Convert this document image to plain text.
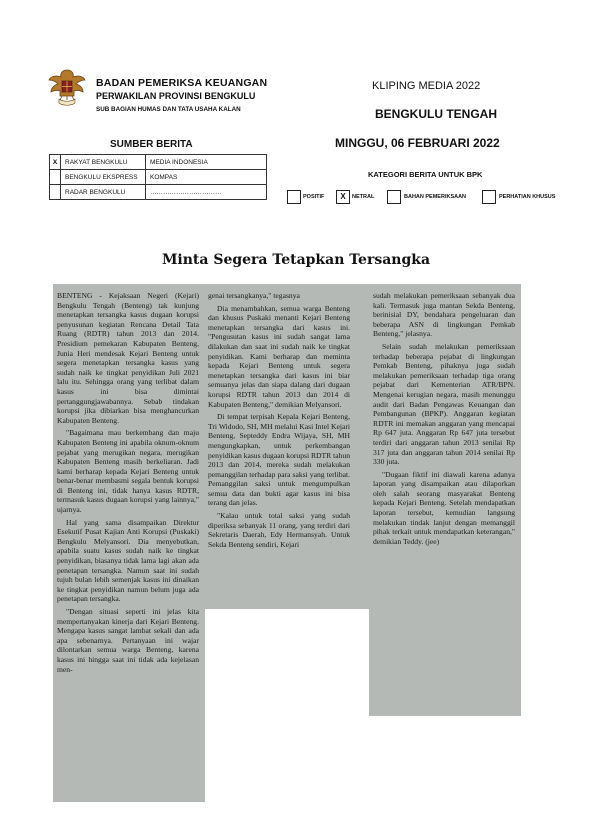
BADAN PEMERIKSA KEUANGAN
PERWAKILAN PROVINSI BENGKULU
SUB BAGIAN HUMAS DAN TATA USAHA KALAN
KLIPING MEDIA 2022
BENGKULU TENGAH
SUMBER BERITA	MINGGU, 06 FEBRUARI 2022
X	RAKYAT BENGKULU	MEDIA INDONESIA
	BENGKULU EKSPRESS	KOMPAS
	RADAR BENGKULU	……………………………
KATEGORI BERITA UNTUK BPK
POSITIF	X	NETRAL	BAHAN PEMERIKSAAN	PERHATIAN KHUSUS
Minta Segera Tetapkan Tersangka

BENTENG - Kejaksaan Negeri (Kejari) Bengkulu Tengah (Benteng) tak kunjung menetapkan tersangka kasus dugaan korupsi penyusunan kegiatan Rencana Detail Tata Ruang (RDTR) tahun 2013 dan 2014. Presidium pemekaran Kabupaten Benteng, Junia Heri mendesak Kejari Benteng untuk segera menetapkan tersangka kasus yang sudah naik ke tingkat penyidikan Juli 2021 lalu itu. Sehingga orang yang terlibat dalam kasus ini bisa dimintai pertanggungjawabannya. Sebab tindakan korupsi jika dibiarkan bisa menghancurkan Kabupaten Benteng.

"Bagaimana mau berkembang dan maju Kabupaten Benteng ini apabila oknum-oknum pejabat yang merugikan negara, merugikan Kabupaten Benteng masih berkeliaran. Jadi kami berharap kepada Kejari Benteng untuk benar-benar membasmi segala bentuk korupsi di Benteng ini, tidak hanya kasus RDTR, termasuk kasus dugaan korupsi yang lainnya," ujarnya.

Hal yang sama disampaikan Direktur Esekutif Pusat Kajian Anti Korupsi (Puskaki) Bengkulu Melyansori. Dia menyebutkan, apabila suatu kasus sudah naik ke tingkat penyidikan, biasanya tidak lama lagi akan ada penetapan tersangka. Namun saat ini sudah tujuh bulan lebih semenjak kasus ini dinaikan ke tingkat penyidikan namun belum juga ada penetapan tersangka.

"Dengan situasi seperti ini jelas kita mempertanyakan kinerja dari Kejari Benteng. Mengapa kasus sangat lambat sekali dan ada apa sebenarnya. Pertanyaan ini wajar dilontarkan semua warga Benteng, karena kasus ini hingga saat ini tidak ada kejelasan men-

genai tersangkanya," tegasnya

Dia menambahkan, semua warga Benteng dan khusus Puskaki menanti Kejari Benteng menetapkan tersangka dari kasus ini. "Pengusutan kasus ini sudah sangat lama dilakukan dan saat ini sudah naik ke tingkat penyidikan. Kami berharap dan meminta kepada Kejari Benteng untuk segera menetapkan tersangka dari kasus ini biar semuanya jelas dan siapa dalang dari dugaan korupsi RDTR tahun 2013 dan 2014 di Kabupaten Benteng," demikian Melyansori.

Di tempat terpisah Kepala Kejari Benteng, Tri Widodo, SH, MH melalui Kasi Intel Kejari Benteng, Septeddy Endra Wijaya, SH, MH mengungkapkan, untuk perkembangan penyidikan kasus dugaan korupsi RDTR tahun 2013 dan 2014, mereka sudah melakukan pemanggilan terhadap para saksi yang terlibat. Pemanggilan saksi untuk mengumpulkan semua data dan bukti agar kasus ini bisa terang dan jelas.

"Kalau untuk total saksi yang sudah diperiksa sebanyak 11 orang, yang terdiri dari Sekretaris Daerah, Edy Hermansyah. Untuk Sekda Benteng sendiri, Kejari

sudah melakukan pemeriksaan sebanyak dua kali. Termasuk juga mantan Sekda Benteng, berinisial DY, bendahara pengeluaran dan beberapa ASN di lingkungan Pemkab Benteng," jelasnya.

Selain sudah melakukan pemeriksaan terhadap beberapa pejabat di lingkungan Pemkab Benteng, pihaknya juga sudah melakukan pemeriksaan terhadap tiga orang pejabat dari Kementerian ATR/BPN. Mengenai kerugian negara, masih menunggu audit dari Badan Pengawas Keuangan dan Pembangunan (BPKP). Anggaran kegiatan RDTR ini memakan anggaran yang mencapai Rp 647 juta. Anggaran Rp 647 juta tersebut terdiri dari anggaran tahun 2013 senilai Rp 317 juta dan anggaran tahun 2014 senilai Rp 330 juta.

"Dugaan fiktif ini diawali karena adanya laporan yang disampaikan atau dilaporkan oleh salah seorang masyarakat Benteng kepada Kejari Benteng. Setelah mendapatkan laporan tersebut, kemudian langsung melakukan tindak lanjut dengan memanggil pihak terkait untuk mendapatkan keterangan," demikian Teddy. (jee)
